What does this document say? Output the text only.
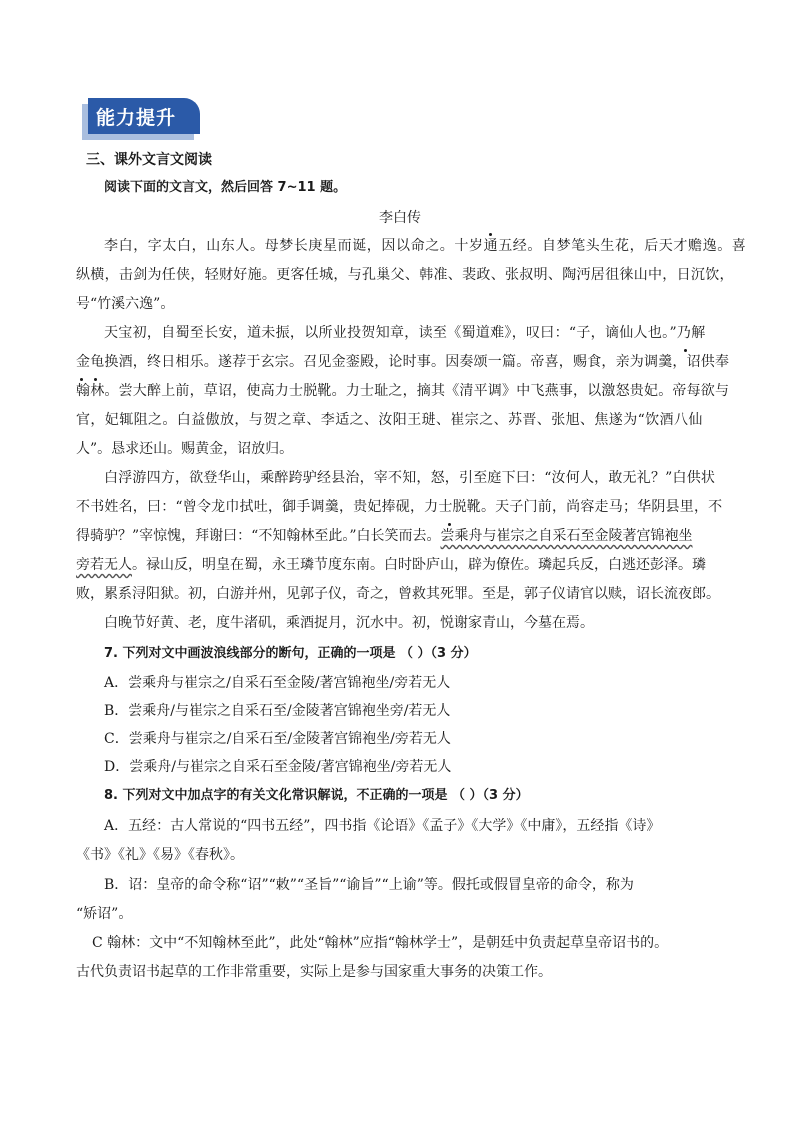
能力提升
三、课外文言文阅读
阅读下面的文言文，然后回答 7~11 题。
李白传
李白，字太白，山东人。母梦长庚星而诞，因以命之。十岁通五经。自梦笔头生花，后天才赡逸。喜
纵横，击剑为任侠，轻财好施。更客任城，与孔巢父、韩准、裴政、张叔明、陶沔居徂徕山中，日沉饮，
号“竹溪六逸”。
天宝初，自蜀至长安，道未振，以所业投贺知章，读至《蜀道难》，叹曰：“子，谪仙人也。”乃解
金龟换酒，终日相乐。遂荐于玄宗。召见金銮殿，论时事。因奏颂一篇。帝喜，赐食，亲为调羹，诏供奉
翰林。尝大醉上前，草诏，使高力士脱靴。力士耻之，摘其《清平调》中飞燕事，以激怒贵妃。帝每欲与
官，妃辄阻之。白益傲放，与贺之章、李适之、汝阳王琎、崔宗之、苏晋、张旭、焦遂为“饮酒八仙
人”。恳求还山。赐黄金，诏放归。
白浮游四方，欲登华山，乘醉跨驴经县治，宰不知，怒，引至庭下曰：“汝何人，敢无礼？”白供状
不书姓名，曰：“曾令龙巾拭吐，御手调羹，贵妃捧砚，力士脱靴。天子门前，尚容走马；华阴县里，不
得骑驴？”宰惊愧，拜谢曰：“不知翰林至此。”白长笑而去。尝乘舟与崔宗之自采石至金陵著宫锦袍坐
旁若无人。禄山反，明皇在蜀，永王璘节度东南。白时卧庐山，辟为僚佐。璘起兵反，白逃还彭泽。璘
败，累系浔阳狱。初，白游并州，见郭子仪，奇之，曾救其死罪。至是，郭子仪请官以赎，诏长流夜郎。
白晚节好黄、老，度牛渚矶，乘酒捉月，沉水中。初，悦谢家青山，今墓在焉。
7. 下列对文中画波浪线部分的断句，正确的一项是 （ ）（3 分）
A．尝乘舟与崔宗之/自采石至金陵/著宫锦袍坐/旁若无人
B．尝乘舟/与崔宗之自采石至/金陵著宫锦袍坐旁/若无人
C．尝乘舟与崔宗之/自采石至/金陵著宫锦袍坐/旁若无人
D．尝乘舟/与崔宗之自采石至金陵/著宫锦袍坐/旁若无人
8. 下列对文中加点字的有关文化常识解说，不正确的一项是 （ ）（3 分）
A．五经：古人常说的“四书五经”，四书指《论语》《孟子》《大学》《中庸》，五经指《诗》
《书》《礼》《易》《春秋》。
B．诏：皇帝的命令称“诏”“敕”“圣旨”“谕旨”“上谕”等。假托或假冒皇帝的命令，称为
“矫诏”。
C 翰林：文中“不知翰林至此”，此处“翰林”应指“翰林学士”，是朝廷中负责起草皇帝诏书的。
古代负责诏书起草的工作非常重要，实际上是参与国家重大事务的决策工作。
